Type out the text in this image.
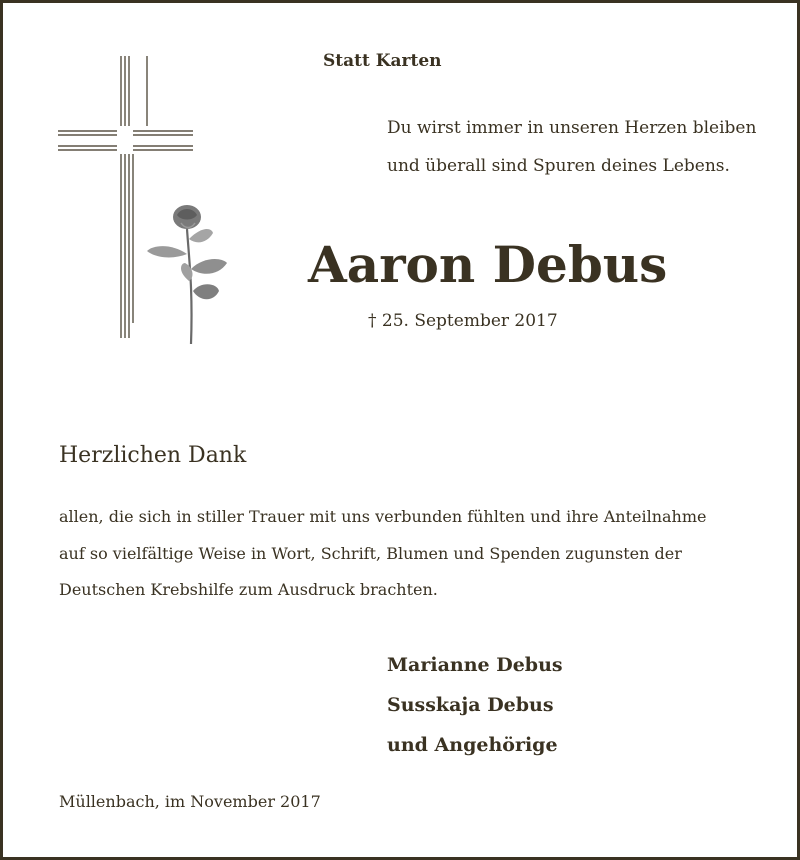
Statt Karten
Du wirst immer in unseren Herzen bleiben
und überall sind Spuren deines Lebens.
Aaron Debus
† 25. September 2017
Herzlichen Dank
allen, die sich in stiller Trauer mit uns verbunden fühlten und ihre Anteilnahme
auf so vielfältige Weise in Wort, Schrift, Blumen und Spenden zugunsten der
Deutschen Krebshilfe zum Ausdruck brachten.
Marianne Debus
Susskaja Debus
und Angehörige
Müllenbach, im November 2017
